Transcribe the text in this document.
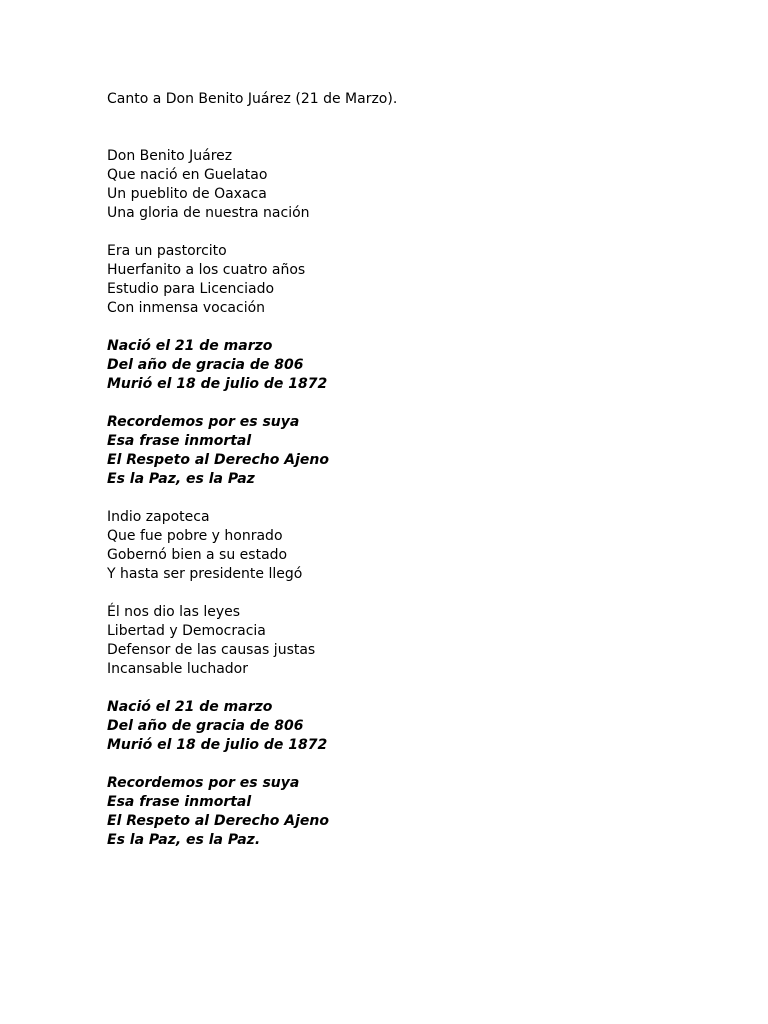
Canto a Don Benito Juárez (21 de Marzo).
Don Benito Juárez
Que nació en Guelatao
Un pueblito de Oaxaca
Una gloria de nuestra nación
Era un pastorcito
Huerfanito a los cuatro años
Estudio para Licenciado
Con inmensa vocación
Nació el 21 de marzo
Del año de gracia de 806
Murió el 18 de julio de 1872
Recordemos por es suya
Esa frase inmortal
El Respeto al Derecho Ajeno
Es la Paz, es la Paz
Indio zapoteca
Que fue pobre y honrado
Gobernó bien a su estado
Y hasta ser presidente llegó
Él nos dio las leyes
Libertad y Democracia
Defensor de las causas justas
Incansable luchador
Nació el 21 de marzo
Del año de gracia de 806
Murió el 18 de julio de 1872
Recordemos por es suya
Esa frase inmortal
El Respeto al Derecho Ajeno
Es la Paz, es la Paz.
